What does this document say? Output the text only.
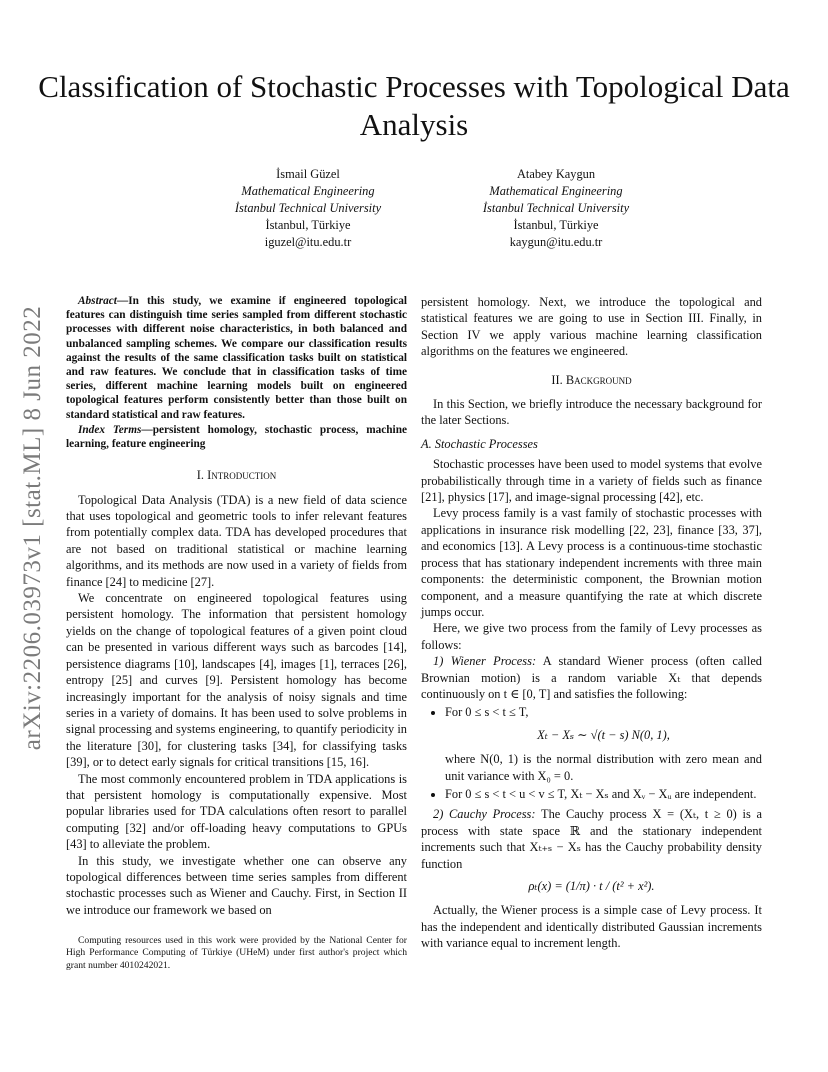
Classification of Stochastic Processes with Topological Data Analysis
İsmail Güzel
Mathematical Engineering
İstanbul Technical University
İstanbul, Türkiye
iguzel@itu.edu.tr
Atabey Kaygun
Mathematical Engineering
İstanbul Technical University
İstanbul, Türkiye
kaygun@itu.edu.tr
arXiv:2206.03973v1 [stat.ML] 8 Jun 2022

Abstract—In this study, we examine if engineered topological features can distinguish time series sampled from different stochastic processes with different noise characteristics, in both balanced and unbalanced sampling schemes. We compare our classification results against the results of the same classification tasks built on statistical and raw features. We conclude that in classification tasks of time series, different machine learning models built on engineered topological features perform consistently better than those built on standard statistical and raw features.

Index Terms—persistent homology, stochastic process, machine learning, feature engineering

I. Introduction

Topological Data Analysis (TDA) is a new field of data science that uses topological and geometric tools to infer relevant features from potentially complex data. TDA has developed procedures that are not based on traditional statistical or machine learning algorithms, and its methods are now used in a variety of fields from finance [24] to medicine [27].

We concentrate on engineered topological features using persistent homology. The information that persistent homology yields on the change of topological features of a given point cloud can be presented in various different ways such as barcodes [14], persistence diagrams [10], landscapes [4], images [1], terraces [26], entropy [25] and curves [9]. Persistent homology has become increasingly important for the analysis of noisy signals and time series in a variety of domains. It has been used to solve problems in signal processing and systems engineering, to quantify periodicity in the literature [30], for clustering tasks [34], for classifying tasks [39], or to detect early signals for critical transitions [15, 16].

The most commonly encountered problem in TDA applications is that persistent homology is computationally expensive. Most popular libraries used for TDA calculations often resort to parallel computing [32] and/or off-loading heavy computations to GPUs [43] to alleviate the problem.

In this study, we investigate whether one can observe any topological differences between time series samples from different stochastic processes such as Wiener and Cauchy. First, in Section II we introduce our framework we based on

Computing resources used in this work were provided by the National Center for High Performance Computing of Türkiye (UHeM) under first author's project which grant number 4010242021.

persistent homology. Next, we introduce the topological and statistical features we are going to use in Section III. Finally, in Section IV we apply various machine learning classification algorithms on the features we engineered.

II. Background

In this Section, we briefly introduce the necessary background for the later Sections.

A. Stochastic Processes

Stochastic processes have been used to model systems that evolve probabilistically through time in a variety of fields such as finance [21], physics [17], and image-signal processing [42], etc.

Levy process family is a vast family of stochastic processes with applications in insurance risk modelling [22, 23], finance [33, 37], and economics [13]. A Levy process is a continuous-time stochastic process that has stationary independent increments with three main components: the deterministic component, the Brownian motion component, and a measure quantifying the rate at which discrete jumps occur.

Here, we give two process from the family of Levy processes as follows:

1) Wiener Process: A standard Wiener process (often called Brownian motion) is a random variable Xₜ that depends continuously on t ∈ [0, T] and satisfies the following:

• For 0 ≤ s < t ≤ T,
Xₜ − Xₛ ∼ √(t − s) N(0, 1),
where N(0, 1) is the normal distribution with zero mean and unit variance with X₀ = 0.
• For 0 ≤ s < t < u < v ≤ T, Xₜ − Xₛ and Xᵥ − Xᵤ are independent.

2) Cauchy Process: The Cauchy process X = (Xₜ, t ≥ 0) is a process with state space ℝ and the stationary independent increments such that Xₜ₊ₛ − Xₛ has the Cauchy probability density function

ρₜ(x) = (1/π) · t / (t² + x²).

Actually, the Wiener process is a simple case of Levy process. It has the independent and identically distributed Gaussian increments with variance equal to increment length.
